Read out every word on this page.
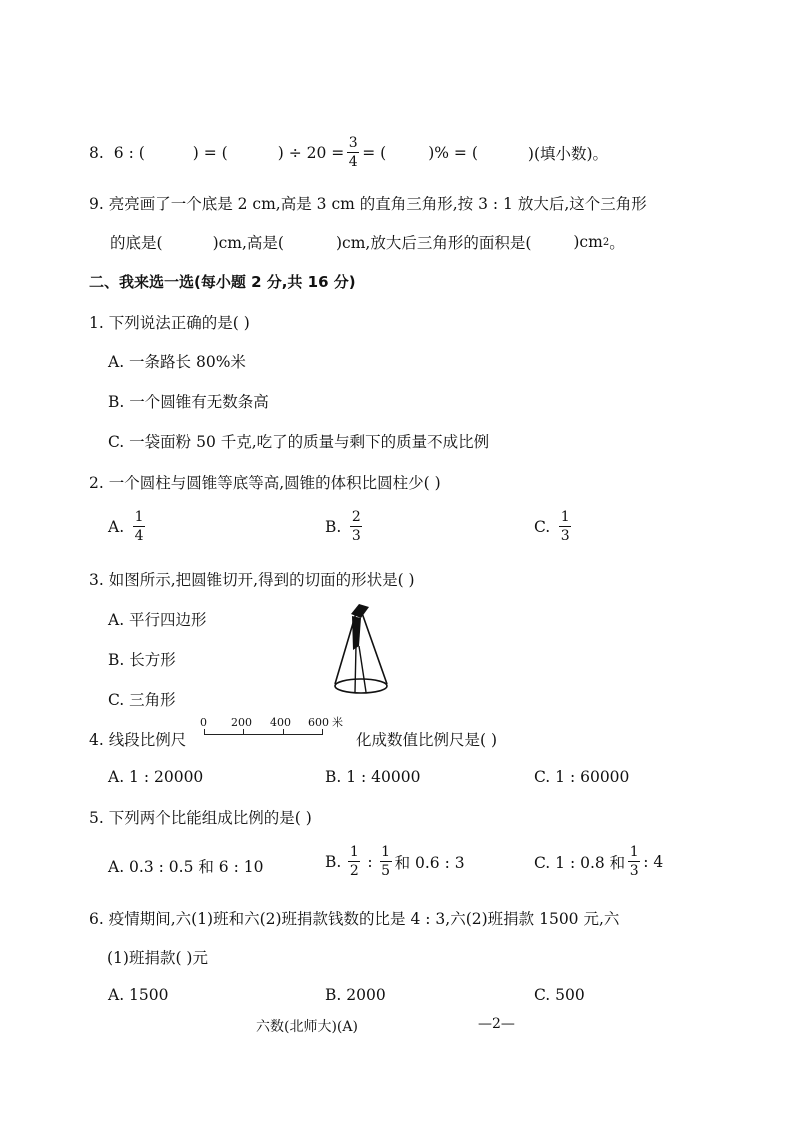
8. 6 : (	) = (	) ÷ $20 = \frac{3}{4}$ = (	)% = (	)(填小数)。
9. 亮亮画了一个底是 2 cm,高是 3 cm 的直角三角形,按 3 : 1 放大后,这个三角形
的底是(	)cm,高是(	)cm,放大后三角形的面积是(	)cm 2 。
二、我来选一选(每小题 2 分,共 16 分)
1. 下列说法正确的是( )
A. 一条路长 80%米
B. 一个圆锥有无数条高
C. 一袋面粉 50 千克,吃了的质量与剩下的质量不成比例
2. 一个圆柱与圆锥等底等高,圆锥的体积比圆柱少( )
A. $\frac{1}{4}$	B. $\frac{2}{3}$	C. $\frac{1}{3}$
3. 如图所示,把圆锥切开,得到的切面的形状是( )
A. 平行四边形
B. 长方形
C. 三角形
4. 线段比例尺
0 200 400 600 米
化成数值比例尺是( )
A. 1 : 20000	B. 1 : 40000	C. 1 : 60000
5. 下列两个比能组成比例的是( )
A. 0.3 : 0.5 和 6 : 10	B. $\frac{1}{2}$ : $\frac{1}{5}$ 和 0.6 : 3	C. 1 : 0.8 和 $\frac{1}{3}$ : 4
6. 疫情期间,六(1)班和六(2)班捐款钱数的比是 4 : 3,六(2)班捐款 1500 元,六
(1)班捐款( )元
A. 1500	B. 2000	C. 500
六数(北师大)(A)	—2—
